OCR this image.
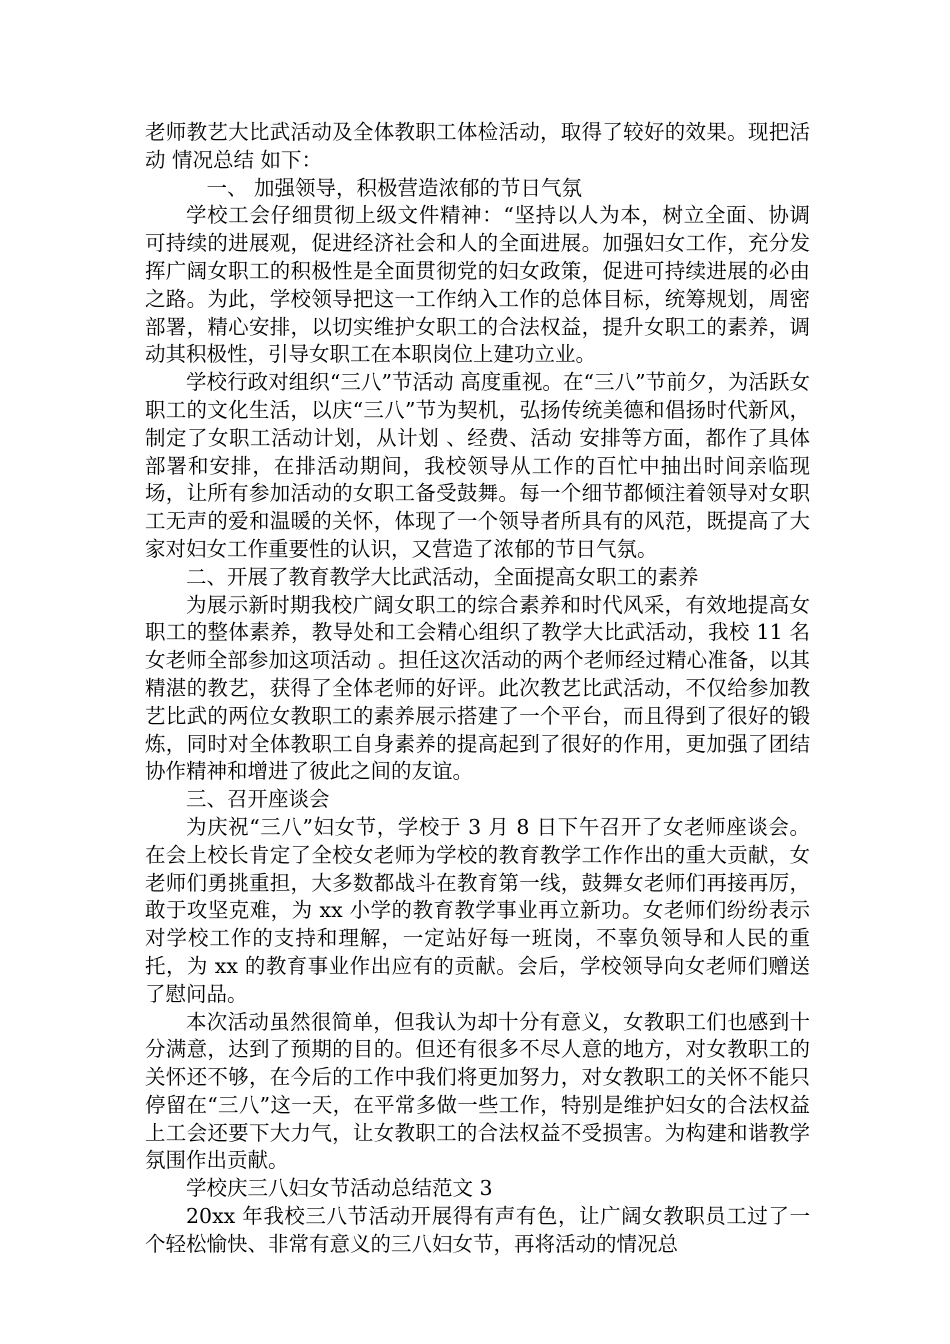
老师教艺大比武活动及全体教职工体检活动，取得了较好的效果。现把活动 情况总结 如下：

一、 加强领导，积极营造浓郁的节日气氛

学校工会仔细贯彻上级文件精神：“坚持以人为本，树立全面、协调可持续的进展观，促进经济社会和人的全面进展。加强妇女工作，充分发挥广阔女职工的积极性是全面贯彻党的妇女政策，促进可持续进展的必由之路。为此，学校领导把这一工作纳入工作的总体目标，统筹规划，周密部署，精心安排，以切实维护女职工的合法权益，提升女职工的素养，调动其积极性，引导女职工在本职岗位上建功立业。

学校行政对组织“三八”节活动 高度重视。在“三八”节前夕，为活跃女职工的文化生活，以庆“三八”节为契机，弘扬传统美德和倡扬时代新风，制定了女职工活动计划，从计划 、经费、活动 安排等方面，都作了具体部署和安排，在排活动期间，我校领导从工作的百忙中抽出时间亲临现场，让所有参加活动的女职工备受鼓舞。每一个细节都倾注着领导对女职工无声的爱和温暖的关怀，体现了一个领导者所具有的风范，既提高了大家对妇女工作重要性的认识，又营造了浓郁的节日气氛。

二、开展了教育教学大比武活动，全面提高女职工的素养

为展示新时期我校广阔女职工的综合素养和时代风采，有效地提高女职工的整体素养，教导处和工会精心组织了教学大比武活动，我校 11 名女老师全部参加这项活动 。担任这次活动的两个老师经过精心准备，以其精湛的教艺，获得了全体老师的好评。此次教艺比武活动，不仅给参加教艺比武的两位女教职工的素养展示搭建了一个平台，而且得到了很好的锻炼，同时对全体教职工自身素养的提高起到了很好的作用，更加强了团结协作精神和增进了彼此之间的友谊。

三、召开座谈会

为庆祝“三八”妇女节，学校于 3 月 8 日下午召开了女老师座谈会。在会上校长肯定了全校女老师为学校的教育教学工作作出的重大贡献，女老师们勇挑重担，大多数都战斗在教育第一线，鼓舞女老师们再接再厉，敢于攻坚克难，为 xx 小学的教育教学事业再立新功。女老师们纷纷表示对学校工作的支持和理解，一定站好每一班岗，不辜负领导和人民的重托，为 xx 的教育事业作出应有的贡献。会后，学校领导向女老师们赠送了慰问品。

本次活动虽然很简单，但我认为却十分有意义，女教职工们也感到十分满意，达到了预期的目的。但还有很多不尽人意的地方，对女教职工的关怀还不够，在今后的工作中我们将更加努力，对女教职工的关怀不能只停留在“三八”这一天，在平常多做一些工作，特别是维护妇女的合法权益上工会还要下大力气，让女教职工的合法权益不受损害。为构建和谐教学氛围作出贡献。

学校庆三八妇女节活动总结范文 3

20xx 年我校三八节活动开展得有声有色，让广阔女教职员工过了一个轻松愉快、非常有意义的三八妇女节，再将活动的情况总
